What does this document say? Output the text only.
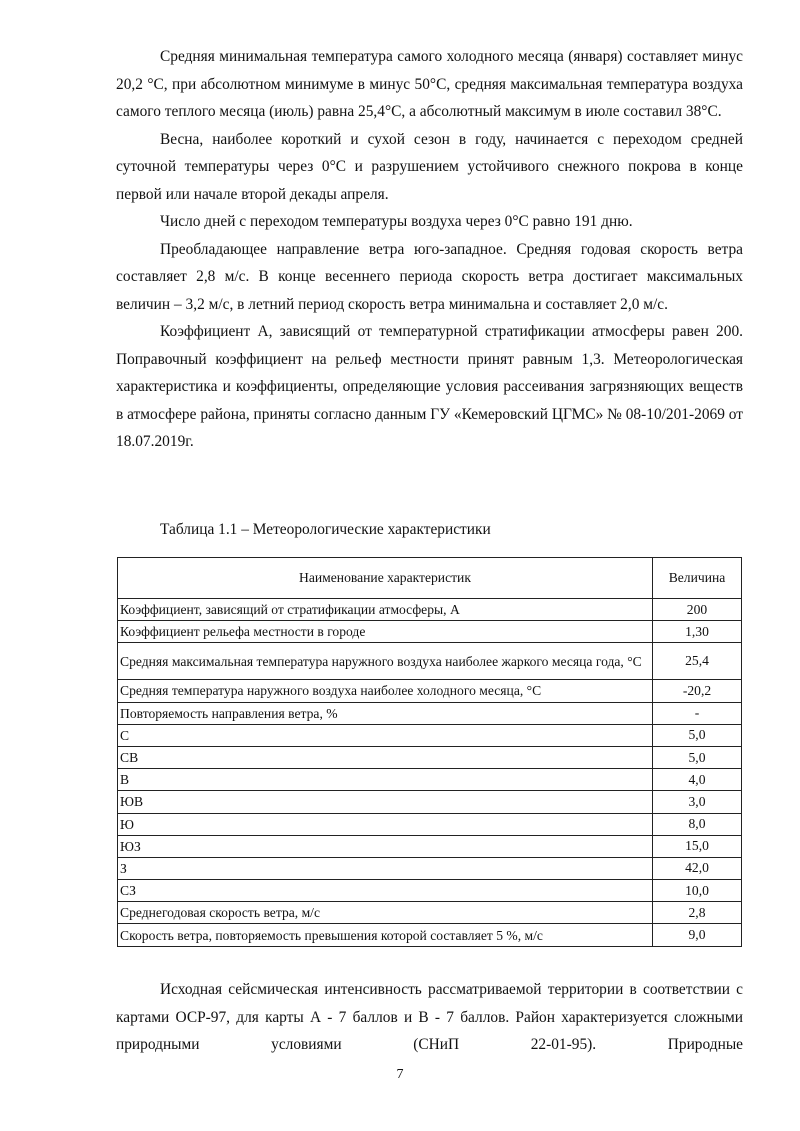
Средняя минимальная температура самого холодного месяца (января) составляет минус 20,2 °С, при абсолютном минимуме в минус 50°С, средняя максимальная температура воздуха самого теплого месяца (июль) равна 25,4°С, а абсолютный максимум в июле составил 38°С.

Весна, наиболее короткий и сухой сезон в году, начинается с переходом средней суточной температуры через 0°С и разрушением устойчивого снежного покрова в конце первой или начале второй декады апреля.

Число дней с переходом температуры воздуха через 0°С равно 191 дню.

Преобладающее направление ветра юго-западное. Средняя годовая скорость ветра составляет 2,8 м/с. В конце весеннего периода скорость ветра достигает максимальных величин – 3,2 м/с, в летний период скорость ветра минимальна и составляет 2,0 м/с.

Коэффициент А, зависящий от температурной стратификации атмосферы равен 200. Поправочный коэффициент на рельеф местности принят равным 1,3. Метеорологическая характеристика и коэффициенты, определяющие условия рассеивания загрязняющих веществ в атмосфере района, приняты согласно данным ГУ «Кемеровский ЦГМС» № 08-10/201-2069 от 18.07.2019г.

Таблица 1.1 – Метеорологические характеристики
Наименование характеристик	Величина
Коэффициент, зависящий от стратификации атмосферы, А	200
Коэффициент рельефа местности в городе	1,30
Средняя максимальная температура наружного воздуха наиболее жаркого месяца года, °С	25,4
Средняя температура наружного воздуха наиболее холодного месяца, °С	-20,2
Повторяемость направления ветра, %	-
С	5,0
СВ	5,0
В	4,0
ЮВ	3,0
Ю	8,0
ЮЗ	15,0
З	42,0
СЗ	10,0
Среднегодовая скорость ветра, м/с	2,8
Скорость ветра, повторяемость превышения которой составляет 5 %, м/с	9,0

Исходная сейсмическая интенсивность рассматриваемой территории в соответствии с картами ОСР-97, для карты А - 7 баллов и В - 7 баллов. Район характеризуется сложными природными условиями (СНиП 22-01-95). Природные

7
